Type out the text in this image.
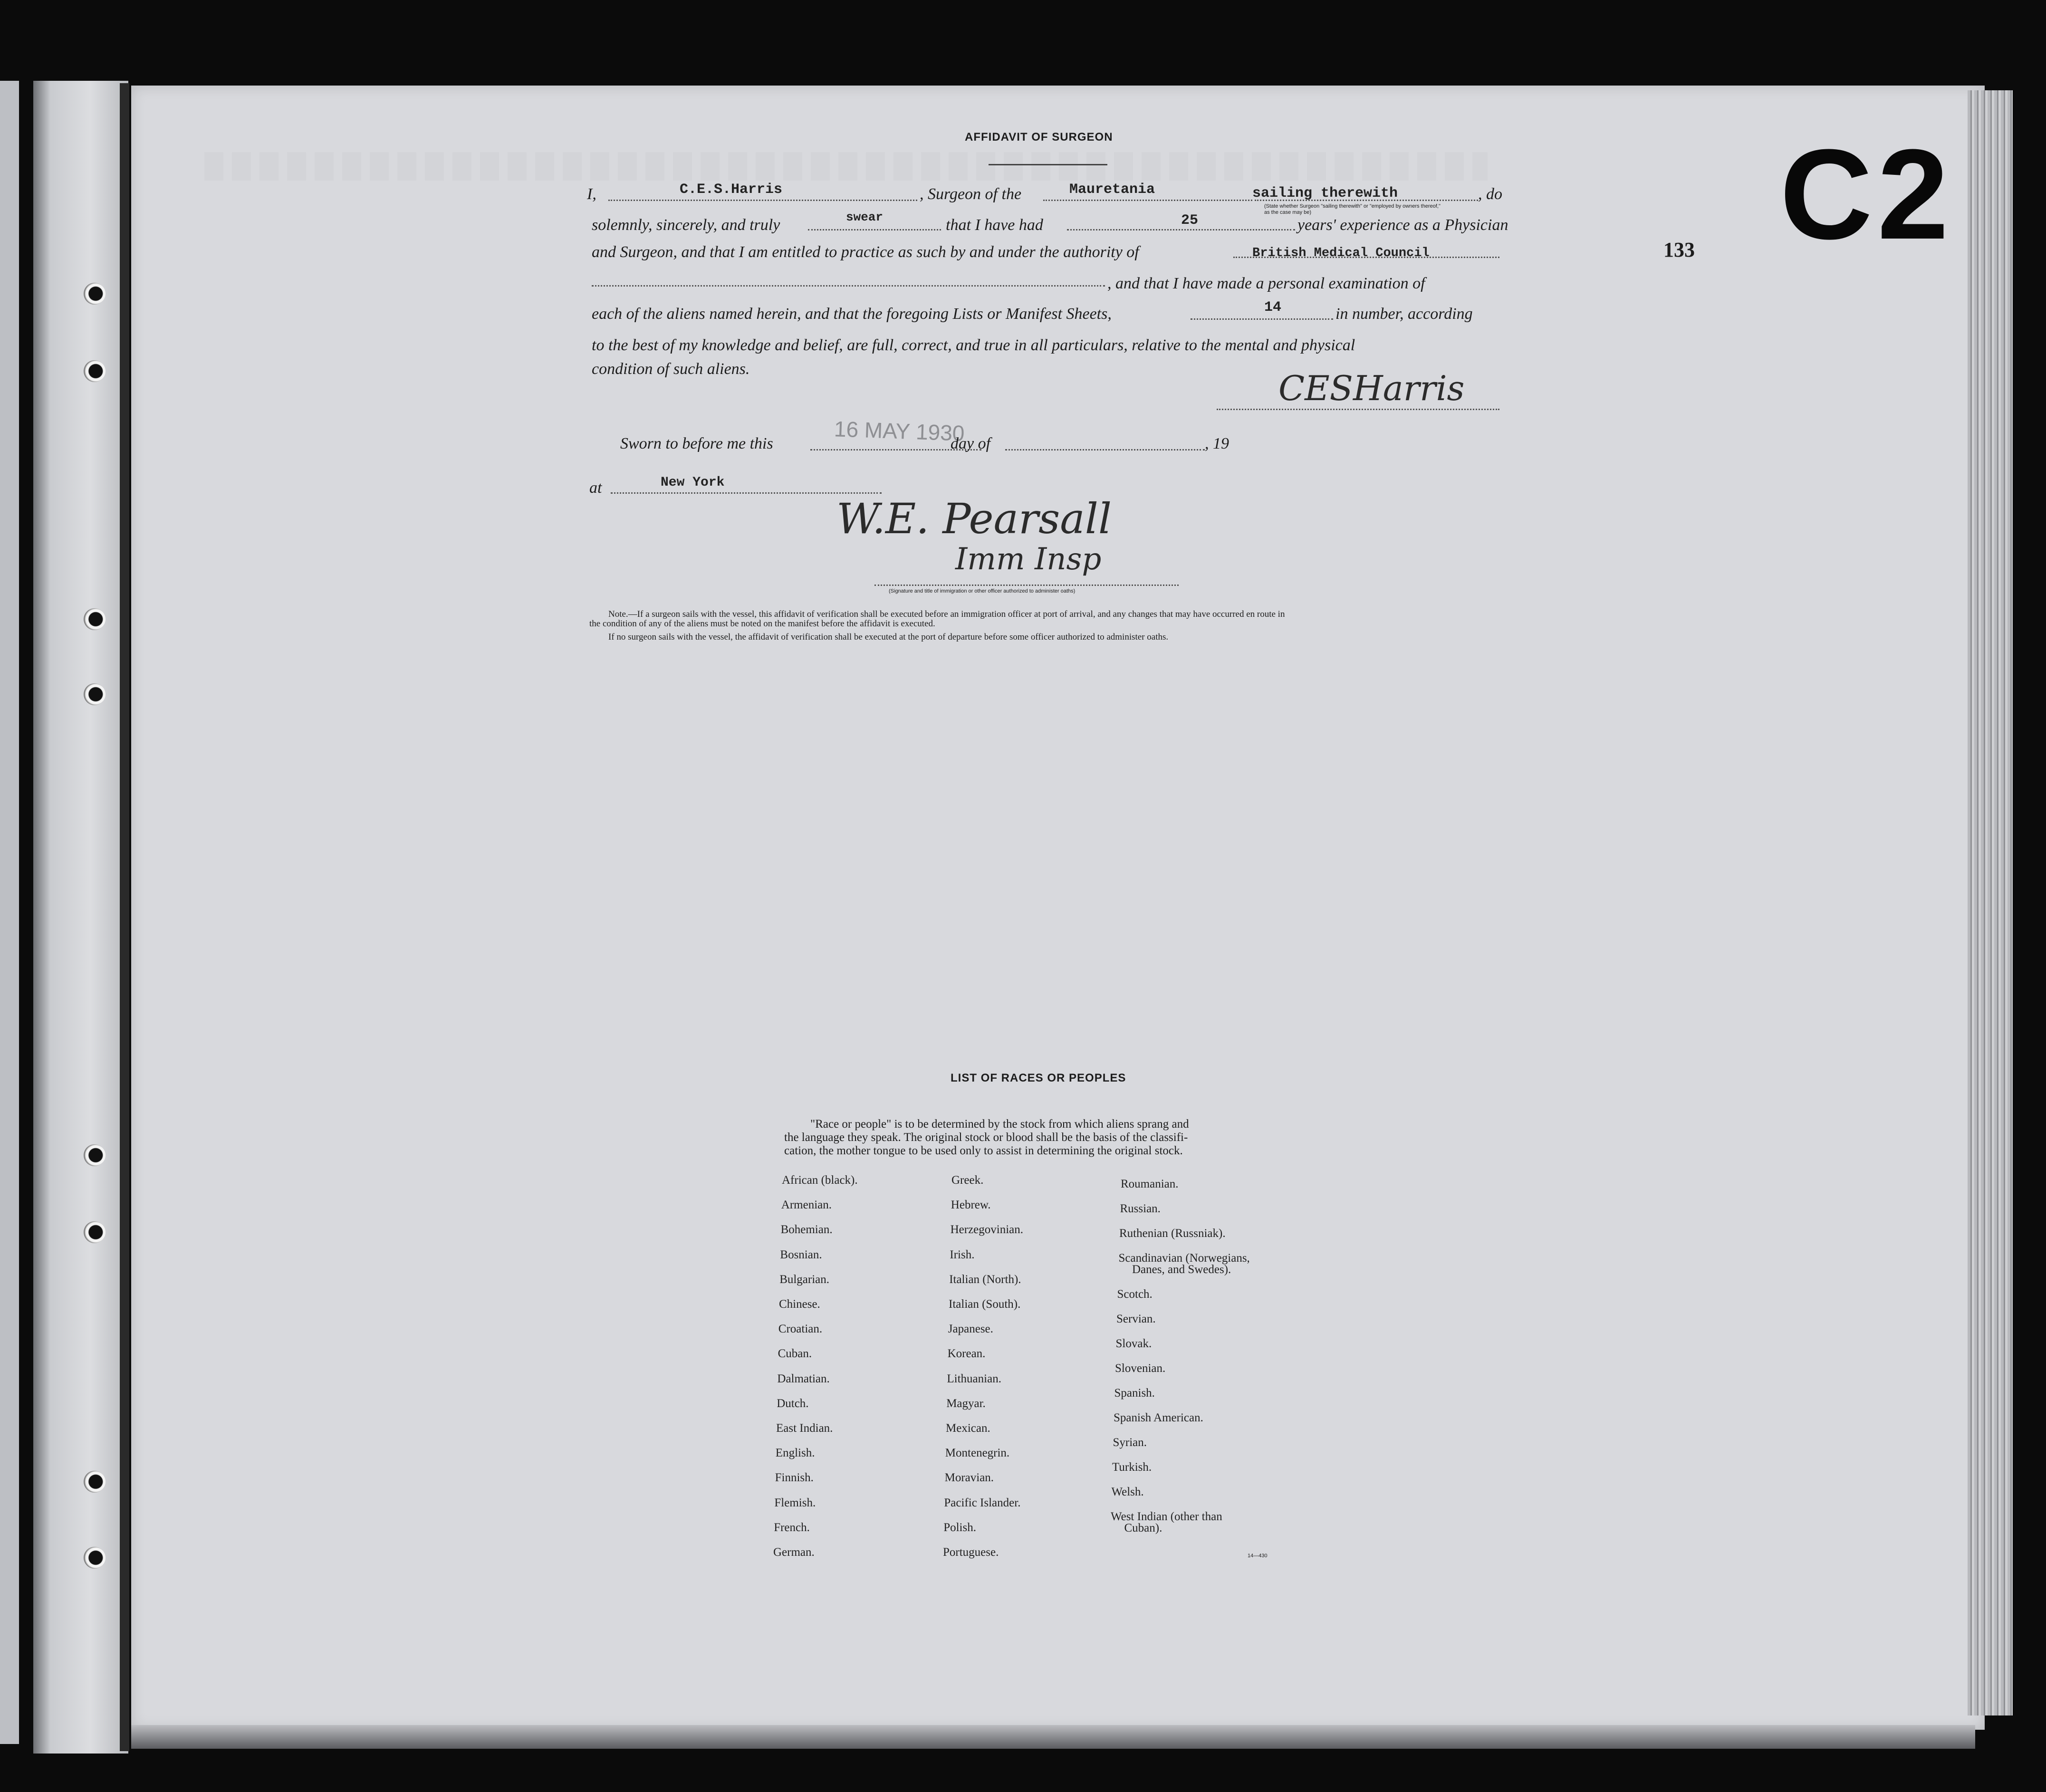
AFFIDAVIT OF SURGEON	C2
133
I,	C.E.S.Harris	, Surgeon of the	Mauretania	sailing therewith	, do
(State whether Surgeon "sailing therewith" or "employed by owners thereof," as the case may be)
solemnly, sincerely, and truly	swear	that I have had	25	years' experience as a Physician
and Surgeon, and that I am entitled to practice as such by and under the authority of	British Medical Council
, and that I have made a personal examination of
each of the aliens named herein, and that the foregoing Lists or Manifest Sheets,	14	in number, according
to the best of my knowledge and belief, are full, correct, and true in all particulars, relative to the mental and physical
condition of such aliens.	CESHarris
Sworn to before me this	16 MAY 1930
day of	, 19
at	New York
W.E. Pearsall
Imm Insp
(Signature and title of immigration or other officer authorized to administer oaths)
Note.—If a surgeon sails with the vessel, this affidavit of verification shall be executed before an immigration officer at port of arrival, and any changes that may have occurred en route in
the condition of any of the aliens must be noted on the manifest before the affidavit is executed.
If no surgeon sails with the vessel, the affidavit of verification shall be executed at the port of departure before some officer authorized to administer oaths.
LIST OF RACES OR PEOPLES
"Race or people" is to be determined by the stock from which aliens sprang and
the language they speak. The original stock or blood shall be the basis of the classifi-
cation, the mother tongue to be used only to assist in determining the original stock.
African (black).
Armenian.
Bohemian.
Bosnian.
Bulgarian.
Chinese.
Croatian.
Cuban.
Dalmatian.
Dutch.
East Indian.
English.
Finnish.
Flemish.
French.
German.
Greek.
Hebrew.
Herzegovinian.
Irish.
Italian (North).
Italian (South).
Japanese.
Korean.
Lithuanian.
Magyar.
Mexican.
Montenegrin.
Moravian.
Pacific Islander.
Polish.
Portuguese.
Roumanian.
Russian.
Ruthenian (Russniak).
Scandinavian (Norwegians,
Danes, and Swedes).
Scotch.
Servian.
Slovak.
Slovenian.
Spanish.
Spanish American.
Syrian.
Turkish.
Welsh.
West Indian (other than
Cuban).
14—430
